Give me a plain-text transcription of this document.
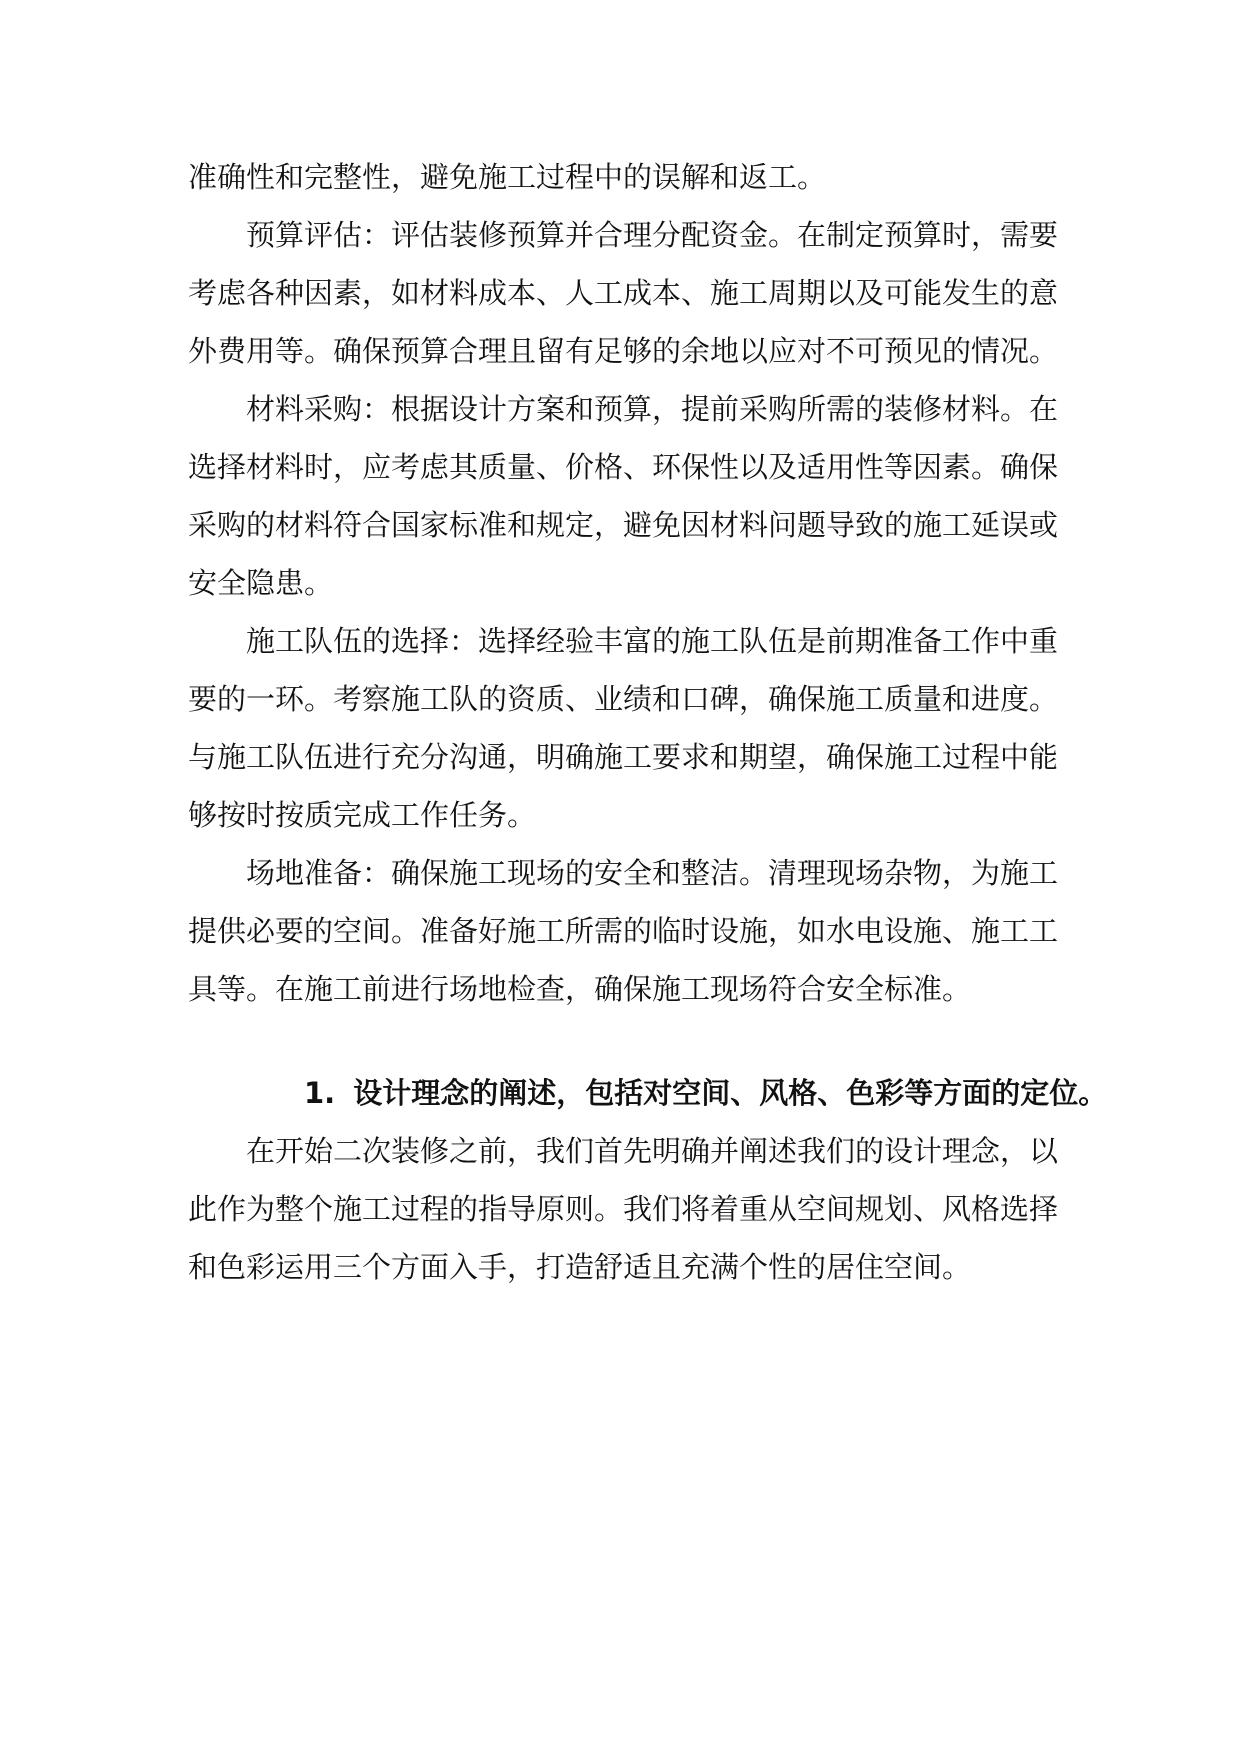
准确性和完整性，避免施工过程中的误解和返工。

预算评估：评估装修预算并合理分配资金。在制定预算时，需要考虑各种因素，如材料成本、人工成本、施工周期以及可能发生的意外费用等。确保预算合理且留有足够的余地以应对不可预见的情况。

材料采购：根据设计方案和预算，提前采购所需的装修材料。在选择材料时，应考虑其质量、价格、环保性以及适用性等因素。确保采购的材料符合国家标准和规定，避免因材料问题导致的施工延误或安全隐患。

施工队伍的选择：选择经验丰富的施工队伍是前期准备工作中重要的一环。考察施工队的资质、业绩和口碑，确保施工质量和进度。与施工队伍进行充分沟通，明确施工要求和期望，确保施工过程中能够按时按质完成工作任务。

场地准备：确保施工现场的安全和整洁。清理现场杂物，为施工提供必要的空间。准备好施工所需的临时设施，如水电设施、施工工具等。在施工前进行场地检查，确保施工现场符合安全标准。

1. 设计理念的阐述，包括对空间、风格、色彩等方面的定位。

在开始二次装修之前，我们首先明确并阐述我们的设计理念，以此作为整个施工过程的指导原则。我们将着重从空间规划、风格选择和色彩运用三个方面入手，打造舒适且充满个性的居住空间。
